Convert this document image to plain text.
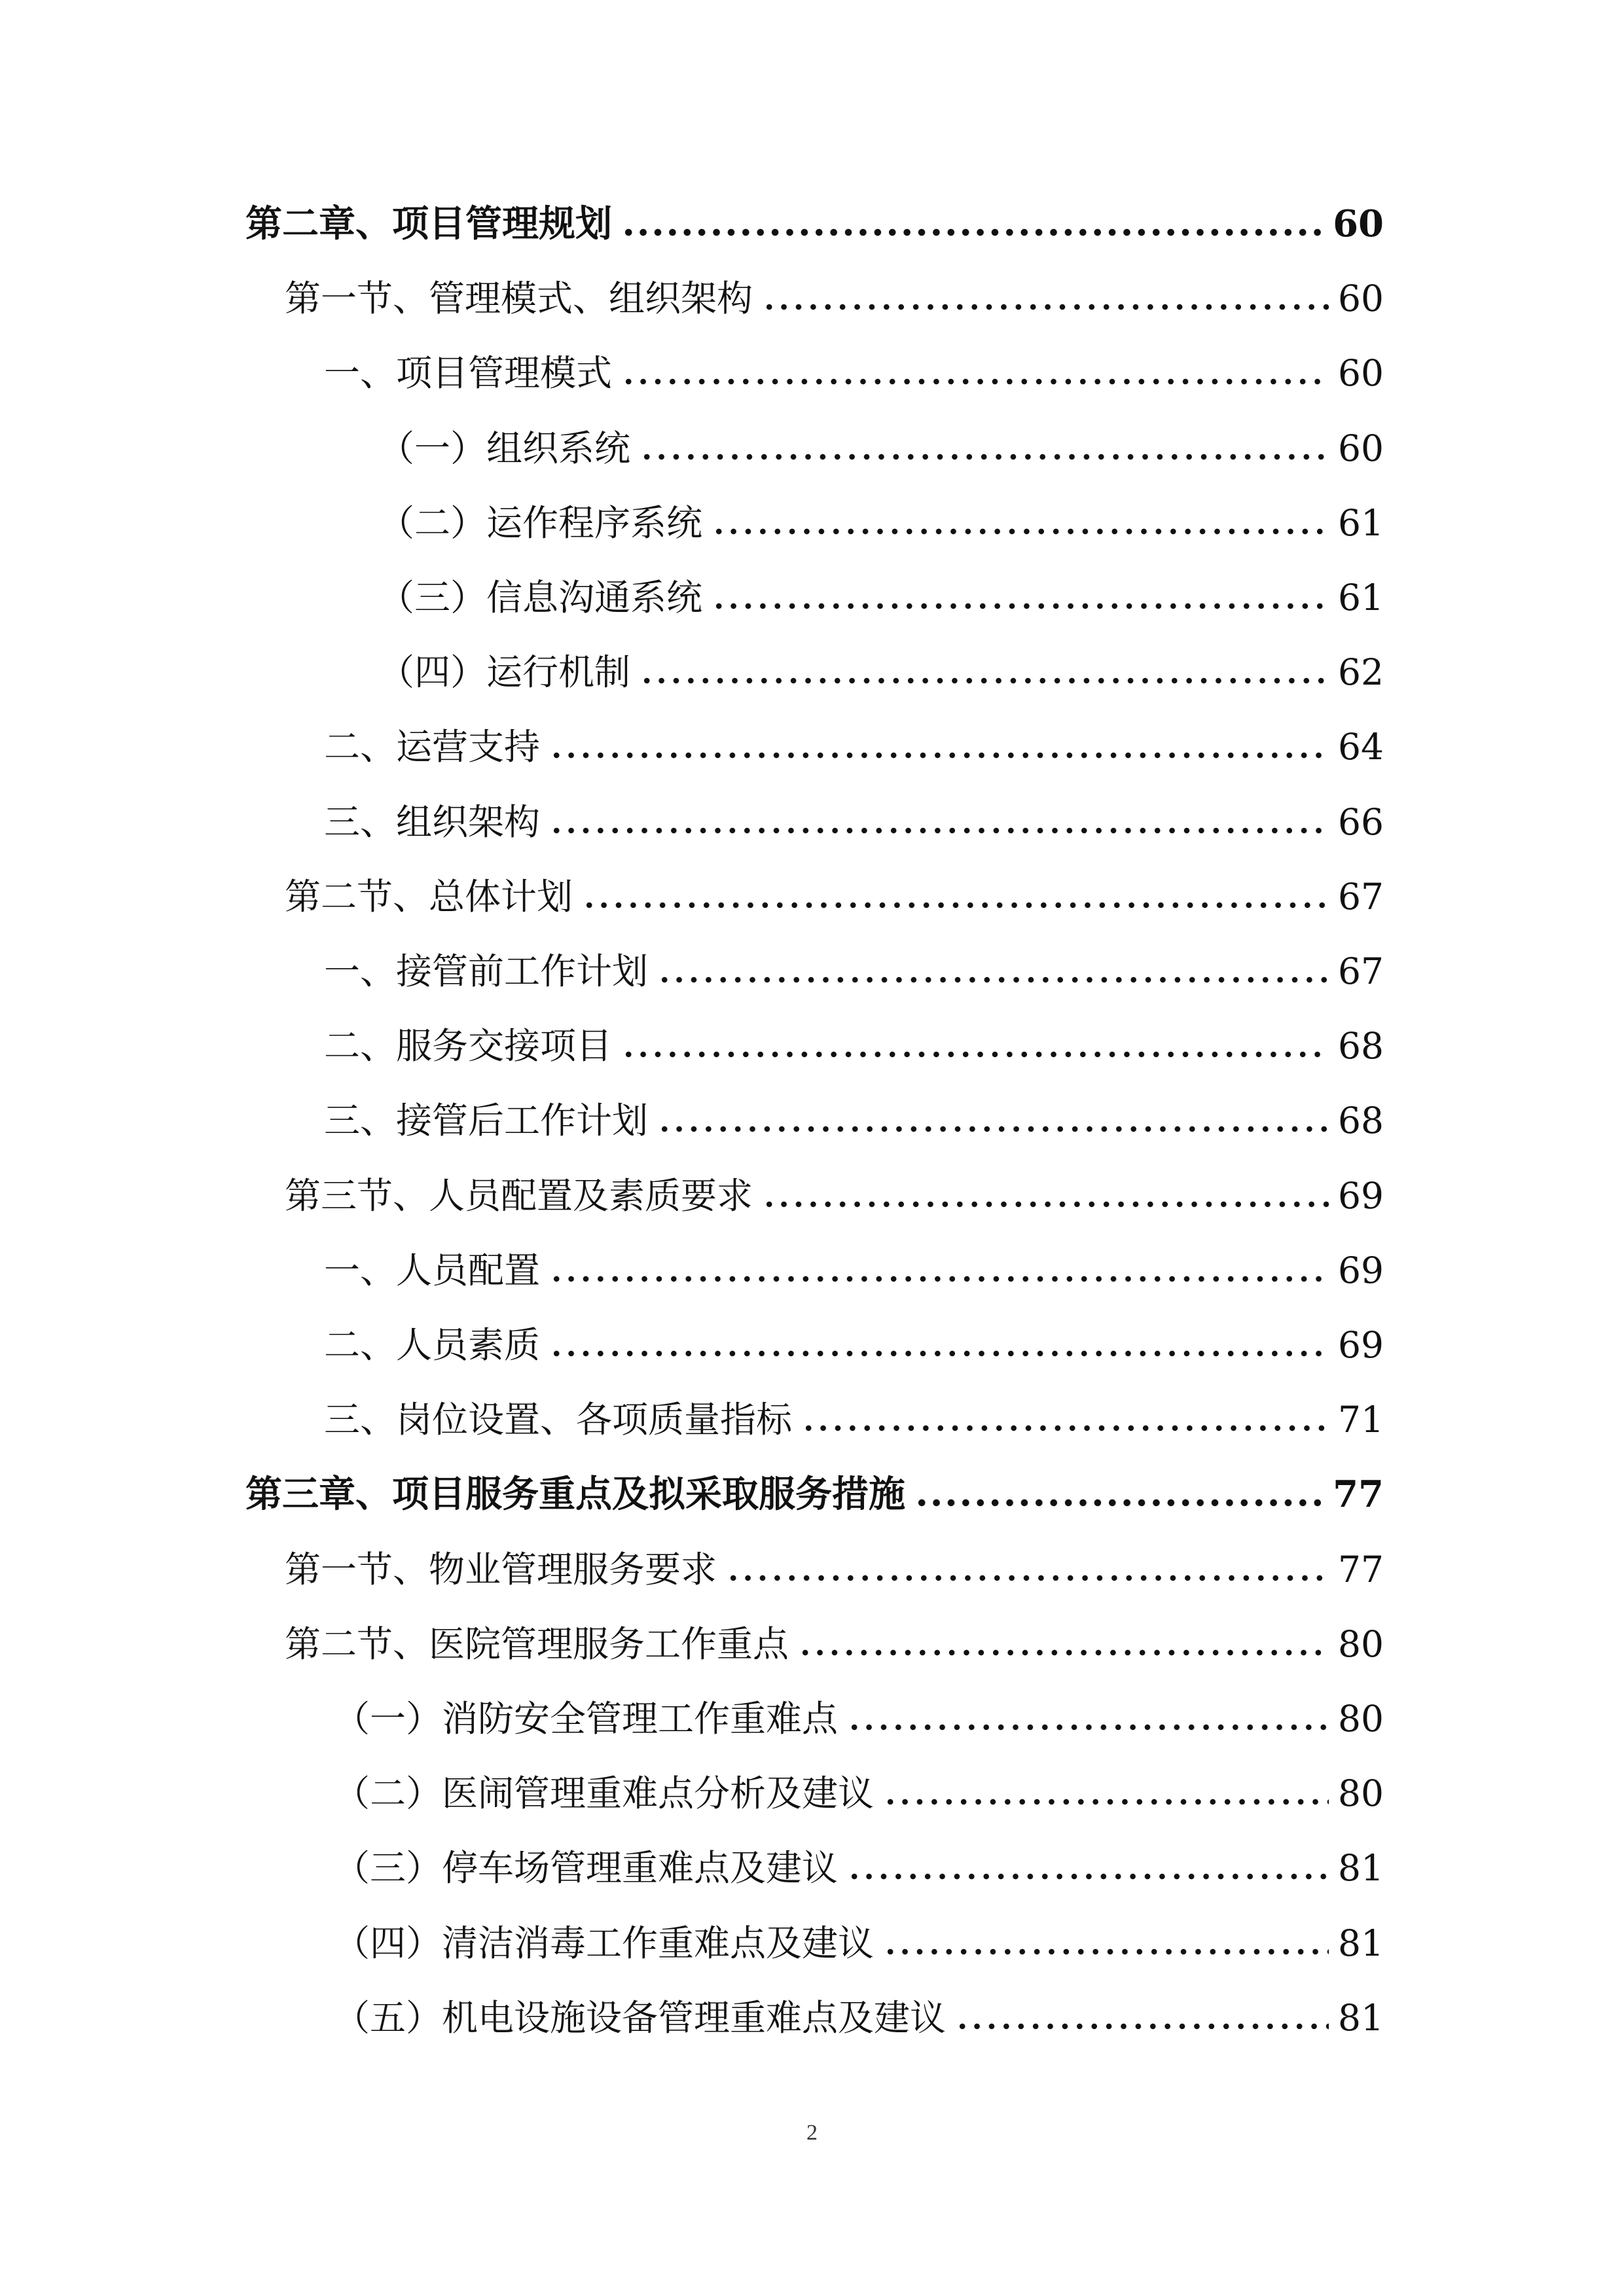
第二章、项目管理规划	60
第一节、管理模式、组织架构	60
一、项目管理模式	60
（一）组织系统	60
（二）运作程序系统	61
（三）信息沟通系统	61
（四）运行机制	62
二、运营支持	64
三、组织架构	66
第二节、总体计划	67
一、接管前工作计划	67
二、服务交接项目	68
三、接管后工作计划	68
第三节、人员配置及素质要求	69
一、人员配置	69
二、人员素质	69
三、岗位设置、各项质量指标	71
第三章、项目服务重点及拟采取服务措施	77
第一节、物业管理服务要求	77
第二节、医院管理服务工作重点	80
（一）消防安全管理工作重难点	80
（二）医闹管理重难点分析及建议	80
（三）停车场管理重难点及建议	81
（四）清洁消毒工作重难点及建议	81
（五）机电设施设备管理重难点及建议	81
2
